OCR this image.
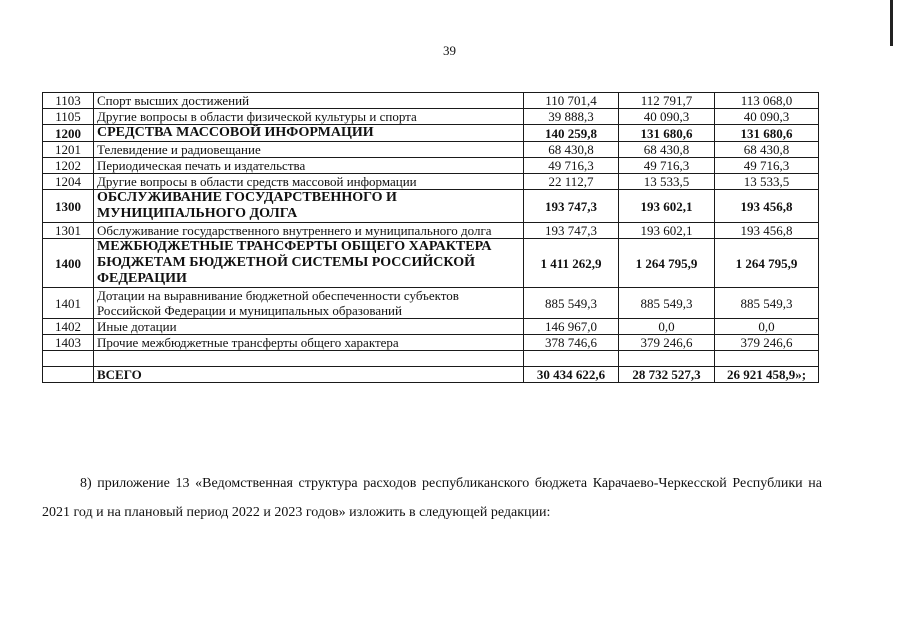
39
1103	Спорт высших достижений	110 701,4	112 791,7	113 068,0
1105	Другие вопросы в области физической культуры и спорта	39 888,3	40 090,3	40 090,3
1200	СРЕДСТВА МАССОВОЙ ИНФОРМАЦИИ	140 259,8	131 680,6	131 680,6
1201	Телевидение и радиовещание	68 430,8	68 430,8	68 430,8
1202	Периодическая печать и издательства	49 716,3	49 716,3	49 716,3
1204	Другие вопросы в области средств массовой информации	22 112,7	13 533,5	13 533,5
1300	ОБСЛУЖИВАНИЕ ГОСУДАРСТВЕННОГО И МУНИЦИПАЛЬНОГО ДОЛГА	193 747,3	193 602,1	193 456,8
1301	Обслуживание государственного внутреннего и муниципального долга	193 747,3	193 602,1	193 456,8
1400	МЕЖБЮДЖЕТНЫЕ ТРАНСФЕРТЫ ОБЩЕГО ХАРАКТЕРА БЮДЖЕТАМ БЮДЖЕТНОЙ СИСТЕМЫ РОССИЙСКОЙ ФЕДЕРАЦИИ	1 411 262,9	1 264 795,9	1 264 795,9
1401	Дотации на выравнивание бюджетной обеспеченности субъектов Российской Федерации и муниципальных образований	885 549,3	885 549,3	885 549,3
1402	Иные дотации	146 967,0	0,0	0,0
1403	Прочие межбюджетные трансферты общего характера	378 746,6	379 246,6	379 246,6

	ВСЕГО	30 434 622,6	28 732 527,3	26 921 458,9»;

8) приложение 13 «Ведомственная структура расходов республиканского бюджета Карачаево-Черкесской Республики на 2021 год и на плановый период 2022 и 2023 годов» изложить в следующей редакции:
